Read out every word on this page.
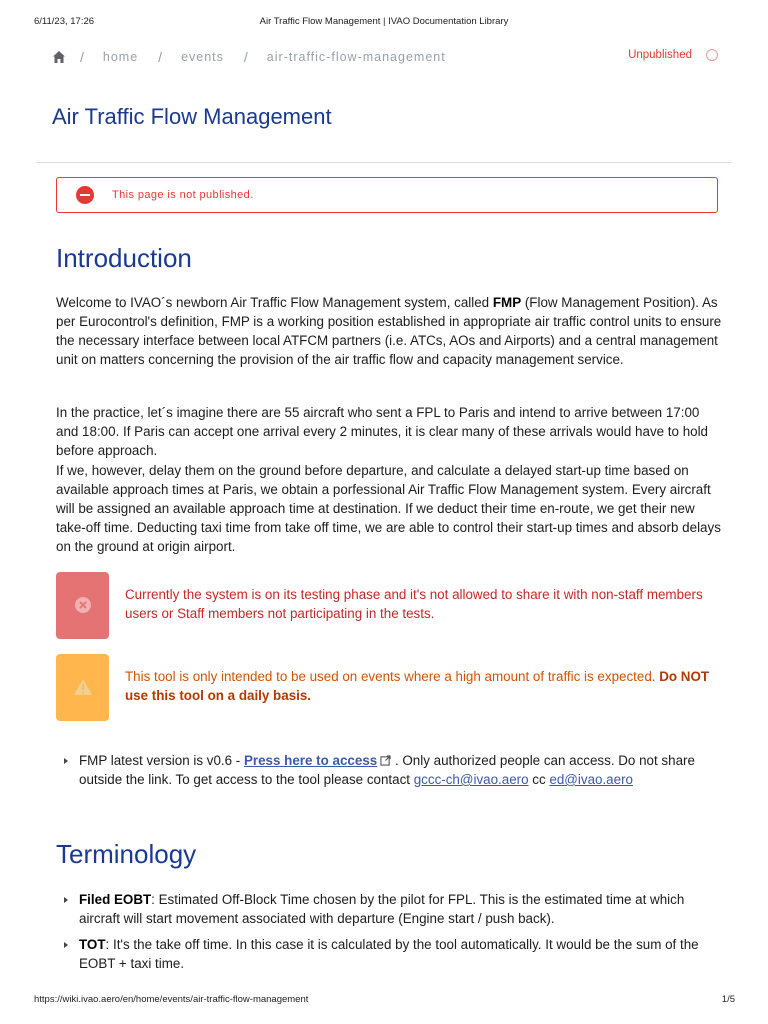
6/11/23, 17:26	Air Traffic Flow Management | IVAO Documentation Library
/ home / events / air-traffic-flow-management	Unpublished
Air Traffic Flow Management
This page is not published.
Introduction

Welcome to IVAO´s newborn Air Traffic Flow Management system, called FMP (Flow Management Position). As per Eurocontrol's definition, FMP is a working position established in appropriate air traffic control units to ensure the necessary interface between local ATFCM partners (i.e. ATCs, AOs and Airports) and a central management unit on matters concerning the provision of the air traffic flow and capacity management service.

In the practice, let´s imagine there are 55 aircraft who sent a FPL to Paris and intend to arrive between 17:00 and 18:00. If Paris can accept one arrival every 2 minutes, it is clear many of these arrivals would have to hold before approach.

If we, however, delay them on the ground before departure, and calculate a delayed start-up time based on available approach times at Paris, we obtain a porfessional Air Traffic Flow Management system. Every aircraft will be assigned an available approach time at destination. If we deduct their time en-route, we get their new take-off time. Deducting taxi time from take off time, we are able to control their start-up times and absorb delays on the ground at origin airport.

Currently the system is on its testing phase and it's not allowed to share it with non-staff members users or Staff members not participating in the tests.
This tool is only intended to be used on events where a high amount of traffic is expected. Do NOT use this tool on a daily basis.
FMP latest version is v0.6 - Press here to access . Only authorized people can access. Do not share outside the link. To get access to the tool please contact gccc-ch@ivao.aero cc ed@ivao.aero
Terminology
Filed EOBT: Estimated Off-Block Time chosen by the pilot for FPL. This is the estimated time at which aircraft will start movement associated with departure (Engine start / push back).
TOT: It's the take off time. In this case it is calculated by the tool automatically. It would be the sum of the EOBT + taxi time.
https://wiki.ivao.aero/en/home/events/air-traffic-flow-management	1/5
